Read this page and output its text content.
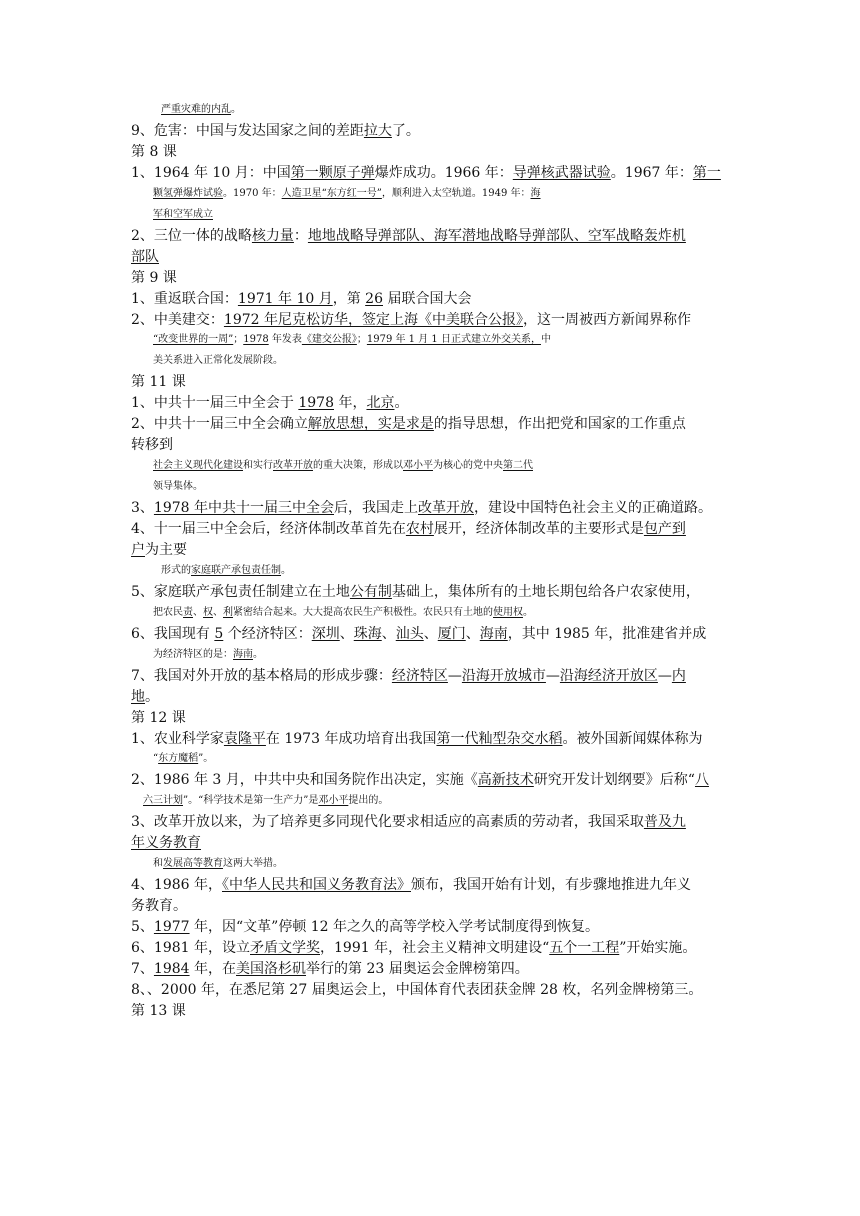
严重灾难的内乱。
9、危害：中国与发达国家之间的差距拉大了。
第 8 课
1、1964 年 10 月：中国第一颗原子弹爆炸成功。1966 年：导弹核武器试验。1967 年：第一
颗氢弹爆炸试验。1970 年：人造卫星“东方红一号”，顺利进入太空轨道。1949 年：海
军和空军成立
2、三位一体的战略核力量：地地战略导弹部队、海军潜地战略导弹部队、空军战略轰炸机
部队
第 9 课
1、重返联合国：1971 年 10 月，第 26 届联合国大会
2、中美建交：1972 年尼克松访华，签定上海《中美联合公报》，这一周被西方新闻界称作
“改变世界的一周”；1978 年发表《建交公报》；1979 年 1 月 1 日正式建立外交关系，中
美关系进入正常化发展阶段。
第 11 课
1、中共十一届三中全会于 1978 年，北京。
2、中共十一届三中全会确立解放思想，实是求是的指导思想，作出把党和国家的工作重点
转移到
社会主义现代化建设和实行改革开放的重大决策，形成以邓小平为核心的党中央第二代
领导集体。
3、1978 年中共十一届三中全会后，我国走上改革开放，建设中国特色社会主义的正确道路。
4、十一届三中全会后，经济体制改革首先在农村展开，经济体制改革的主要形式是包产到
户为主要
形式的家庭联产承包责任制。
5、家庭联产承包责任制建立在土地公有制基础上，集体所有的土地长期包给各户农家使用，
把农民责、权、利紧密结合起来。大大提高农民生产积极性。农民只有土地的使用权。
6、我国现有 5 个经济特区：深圳、珠海、汕头、厦门、海南，其中 1985 年，批准建省并成
为经济特区的是：海南。
7、我国对外开放的基本格局的形成步骤：经济特区—沿海开放城市—沿海经济开放区—内
地。
第 12 课
1、农业科学家袁隆平在 1973 年成功培育出我国第一代籼型杂交水稻。被外国新闻媒体称为
“东方魔稻”。
2、1986 年 3 月，中共中央和国务院作出决定，实施《高新技术研究开发计划纲要》后称“八
六三计划”。“科学技术是第一生产力”是邓小平提出的。
3、改革开放以来，为了培养更多同现代化要求相适应的高素质的劳动者，我国采取普及九
年义务教育
和发展高等教育这两大举措。
4、1986 年，《中华人民共和国义务教育法》颁布，我国开始有计划，有步骤地推进九年义
务教育。
5、1977 年，因“文革”停顿 12 年之久的高等学校入学考试制度得到恢复。
6、1981 年，设立矛盾文学奖，1991 年，社会主义精神文明建设“五个一工程”开始实施。
7、1984 年，在美国洛杉矶举行的第 23 届奥运会金牌榜第四。
8、、2000 年，在悉尼第 27 届奥运会上，中国体育代表团获金牌 28 枚，名列金牌榜第三。
第 13 课
